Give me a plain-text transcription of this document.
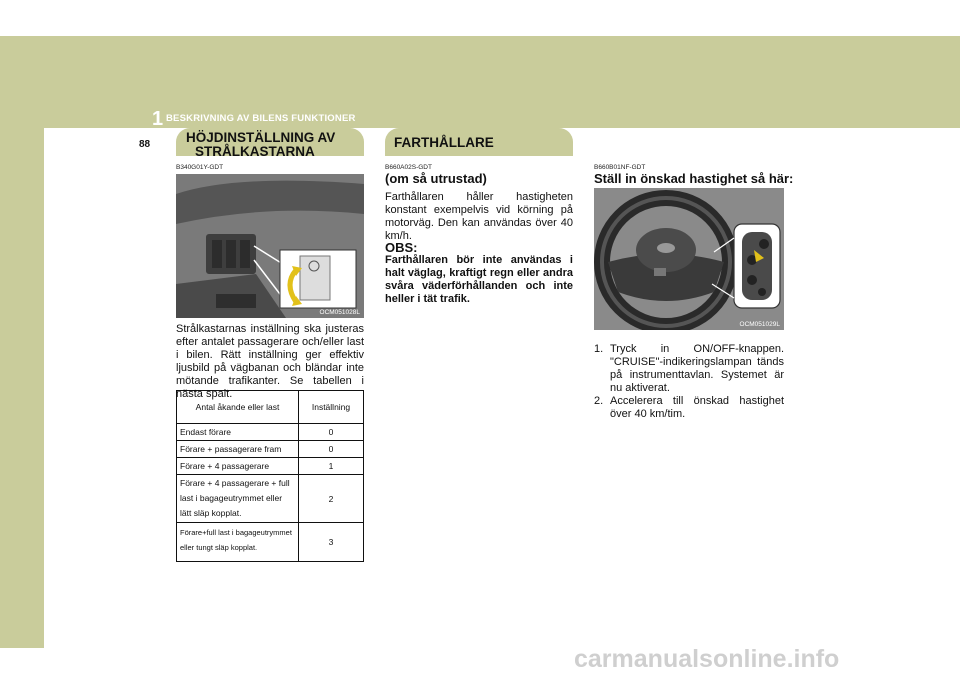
1 BESKRIVNING AV BILENS FUNKTIONER
88	HÖJDINSTÄLLNING AV
STRÅLKASTARNA
B340G01Y-GDT
OCM051028L
Strålkastarnas inställning ska justeras efter antalet passagerare och/eller last i bilen. Rätt inställning ger effektiv ljusbild på vägbanan och bländar inte mötande trafikanter. Se tabellen i nästa spalt.
Antal åkande eller last	Inställning
Endast förare	0
Förare + passagerare fram	0
Förare + 4 passagerare	1
Förare + 4 passagerare + full last i bagageutrymmet eller lätt släp kopplat.	2
Förare+full last i bagageutrymmet eller tungt släp kopplat.	3
FARTHÅLLARE
B660A02S-GDT
(om så utrustad)
Farthållaren håller hastigheten konstant exempelvis vid körning på motorväg. Den kan användas över 40 km/h.
OBS:
Farthållaren bör inte användas i halt väglag, kraftigt regn eller andra svåra väderförhållanden och inte heller i tät trafik.
B660B01NF-GDT
Ställ in önskad hastighet så här:
OCM051029L
1. Tryck in ON/OFF-knappen. "CRUISE"-indikeringslampan tänds på instrumenttavlan. Systemet är nu aktiverat.
2. Accelerera till önskad hastighet över 40 km/tim.
carmanualsonline.info
